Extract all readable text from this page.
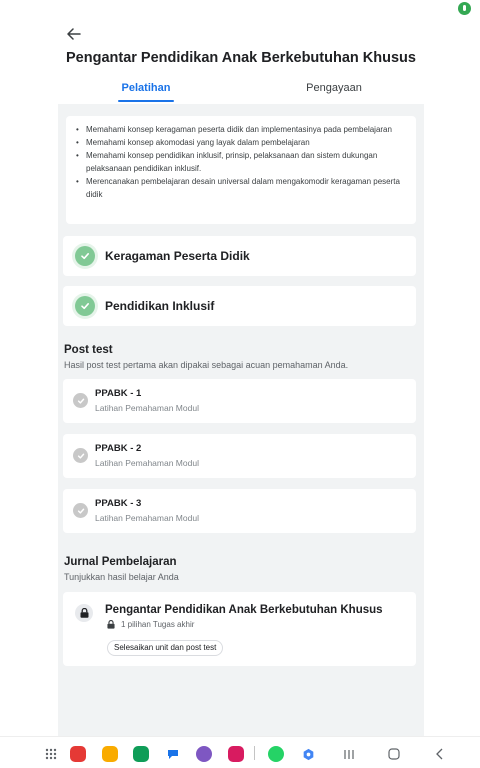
Pengantar Pendidikan Anak Berkebutuhan Khusus
Pelatihan	Pengayaan
• Memahami konsep keragaman peserta didik dan implementasinya pada pembelajaran
• Memahami konsep akomodasi yang layak dalam pembelajaran
• Memahami konsep pendidikan inklusif, prinsip, pelaksanaan dan sistem dukungan pelaksanaan pendidikan inklusif.
• Merencanakan pembelajaran desain universal dalam mengakomodir keragaman peserta didik
Keragaman Peserta Didik
Pendidikan Inklusif
Post test
Hasil post test pertama akan dipakai sebagai acuan pemahaman Anda.
PPABK - 1
Latihan Pemahaman Modul
PPABK - 2
Latihan Pemahaman Modul
PPABK - 3
Latihan Pemahaman Modul
Jurnal Pembelajaran
Tunjukkan hasil belajar Anda
Pengantar Pendidikan Anak Berkebutuhan Khusus
1 pilihan Tugas akhir
Selesaikan unit dan post test
